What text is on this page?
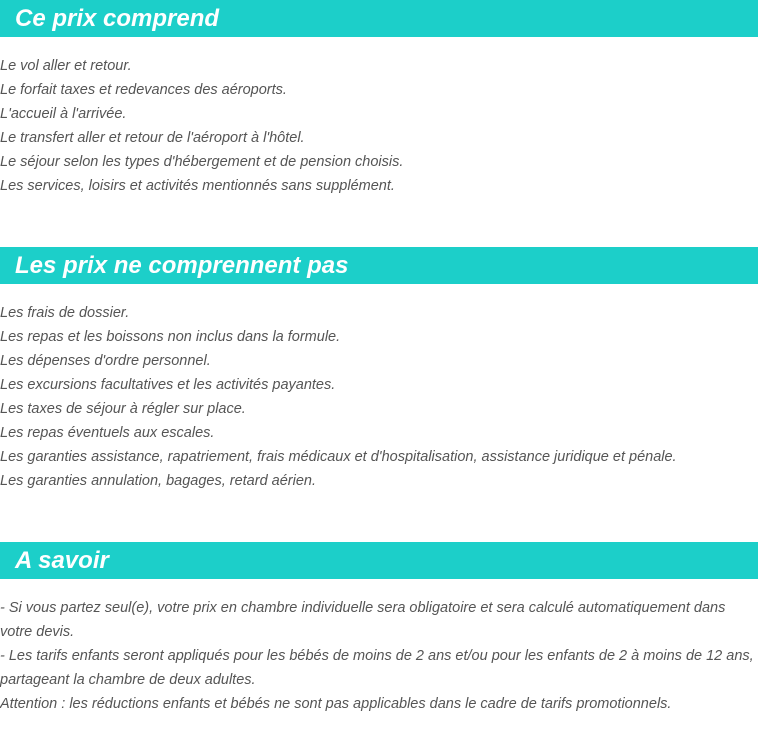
Ce prix comprend
Le vol aller et retour.
Le forfait taxes et redevances des aéroports.
L'accueil à l'arrivée.
Le transfert aller et retour de l'aéroport à l'hôtel.
Le séjour selon les types d'hébergement et de pension choisis.
Les services, loisirs et activités mentionnés sans supplément.
Les prix ne comprennent pas
Les frais de dossier.
Les repas et les boissons non inclus dans la formule.
Les dépenses d'ordre personnel.
Les excursions facultatives et les activités payantes.
Les taxes de séjour à régler sur place.
Les repas éventuels aux escales.
Les garanties assistance, rapatriement, frais médicaux et d'hospitalisation, assistance juridique et pénale.
Les garanties annulation, bagages, retard aérien.
A savoir
- Si vous partez seul(e), votre prix en chambre individuelle sera obligatoire et sera calculé automatiquement dans votre devis.
- Les tarifs enfants seront appliqués pour les bébés de moins de 2 ans et/ou pour les enfants de 2 à moins de 12 ans, partageant la chambre de deux adultes.
Attention : les réductions enfants et bébés ne sont pas applicables dans le cadre de tarifs promotionnels.
